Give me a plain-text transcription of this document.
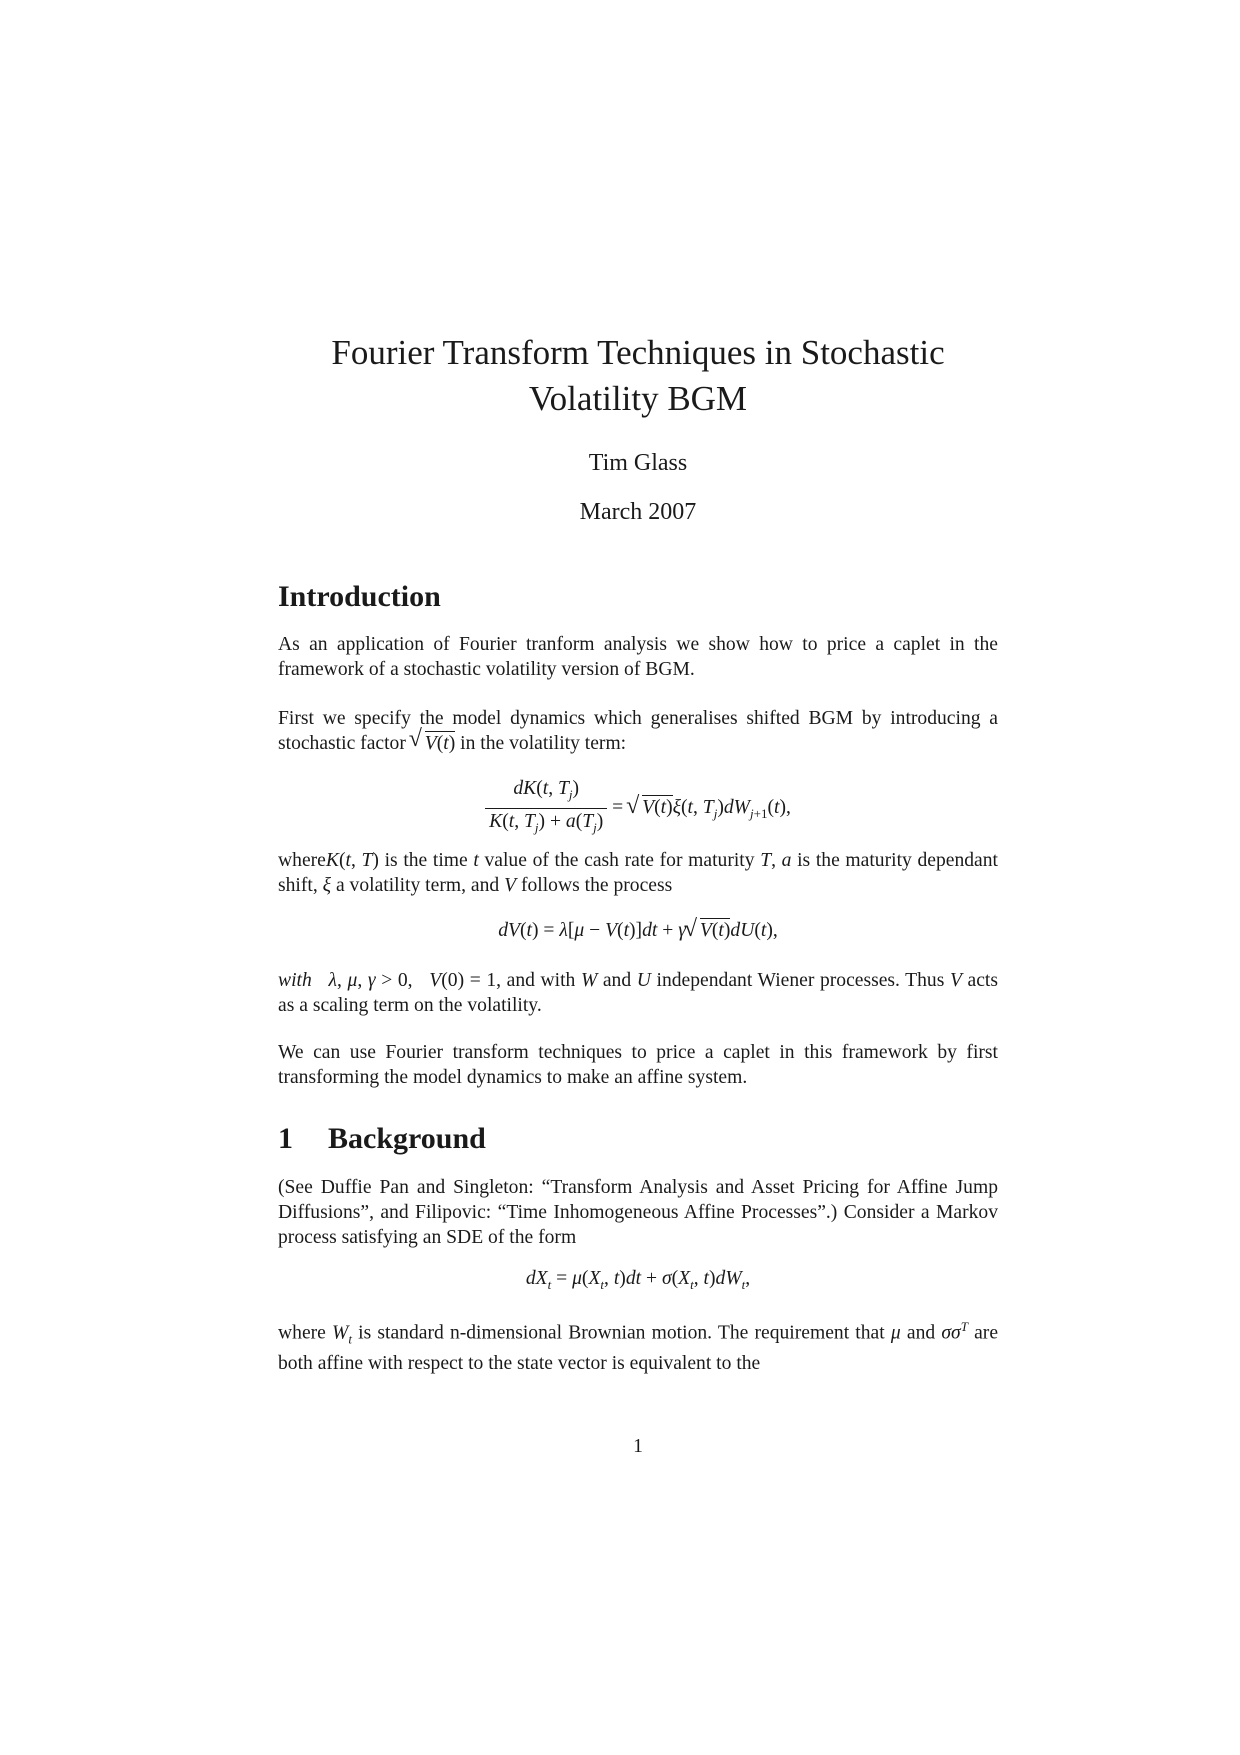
Fourier Transform Techniques in Stochastic
Volatility BGM
Tim Glass
March 2007
Introduction

As an application of Fourier tranform analysis we show how to price a caplet in the framework of a stochastic volatility version of BGM.

First we specify the model dynamics which generalises shifted BGM by introducing a stochastic factor √ V(t) in the volatility term:

$\frac{dK(t, T_j)}{K(t, T_j) + a(T_j)}$ = √ V(t)ξ(t, $T_j)dW_{j+1}(t)$,

whereK(t, T) is the time t value of the cash rate for maturity T, a is the maturity dependant shift, ξ a volatility term, and V follows the process

dV(t) = λ[μ − V(t)]dt + γ √ V(t)dU(t),

with λ, μ, γ > 0,   V(0) = 1, and with W and U independant Wiener processes. Thus V acts as a scaling term on the volatility.

We can use Fourier transform techniques to price a caplet in this framework by first transforming the model dynamics to make an affine system.

1 Background

(See Duffie Pan and Singleton: “Transform Analysis and Asset Pricing for Affine Jump Diffusions”, and Filipovic: “Time Inhomogeneous Affine Processes”.) Consider a Markov process satisfying an SDE of the form

$dX_t = \mu(X_t$, $t)dt + \sigma(X_t$, $t)dW_t$,

where $W_t$ is standard n-dimensional Brownian motion. The requirement that μ and $\sigma\sigma^T$ are both affine with respect to the state vector is equivalent to the

1
